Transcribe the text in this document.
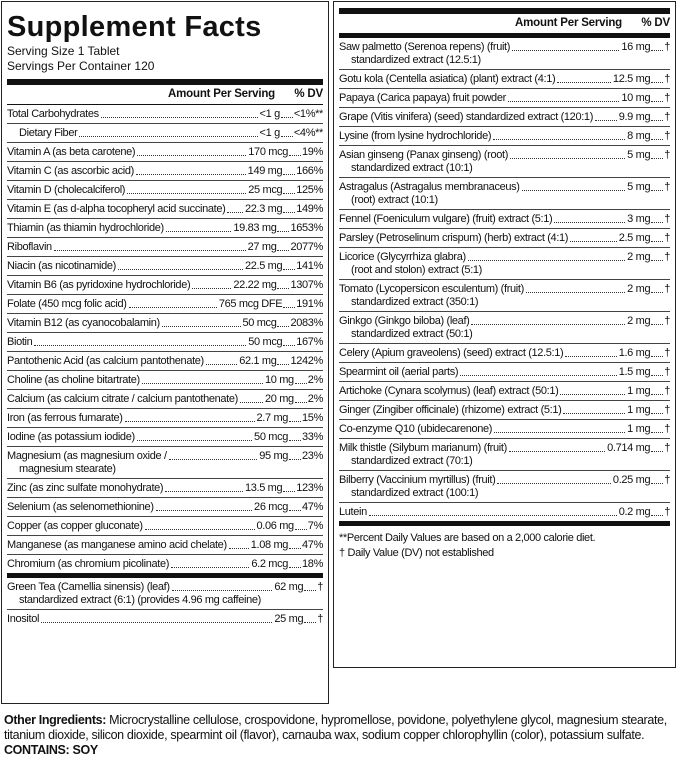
Supplement Facts
Serving Size 1 Tablet
Servings Per Container 120
Amount Per Serving % DV
Total Carbohydrates	<1 g <1%**
Dietary Fiber	<1 g <4%**
Vitamin A (as beta carotene)	170 mcg 19%
Vitamin C (as ascorbic acid)	149 mg 166%
Vitamin D (cholecalciferol)	25 mcg 125%
Vitamin E (as d-alpha tocopheryl acid succinate) 22.3 mg 149%
Thiamin (as thiamin hydrochloride)	19.83 mg 1653%
Riboflavin	27 mg 2077%
Niacin (as nicotinamide)	22.5 mg 141%
Vitamin B6 (as pyridoxine hydrochloride)	22.22 mg 1307%
Folate (450 mcg folic acid)	765 mcg DFE 191%
Vitamin B12 (as cyanocobalamin)	50 mcg 2083%
Biotin	50 mcg 167%
Pantothenic Acid (as calcium pantothenate)	62.1 mg 1242%
Choline (as choline bitartrate)	10 mg 2%
Calcium (as calcium citrate / calcium pantothenate) 20 mg 2%
Iron (as ferrous fumarate)	2.7 mg 15%
Iodine (as potassium iodide)	50 mcg 33%
Magnesium (as magnesium oxide /	95 mg 23%
magnesium stearate)
Zinc (as zinc sulfate monohydrate)	13.5 mg 123%
Selenium (as selenomethionine)	26 mcg 47%
Copper (as copper gluconate)	0.06 mg 7%
Manganese (as manganese amino acid chelate) 1.08 mg 47%
Chromium (as chromium picolinate)	6.2 mcg 18%
Green Tea (Camellia sinensis) (leaf)	62 mg †
standardized extract (6:1) (provides 4.96 mg caffeine)
Inositol	25 mg †
Amount Per Serving % DV
Saw palmetto (Serenoa repens) (fruit)	16 mg †
standardized extract (12.5:1)
Gotu kola (Centella asiatica) (plant) extract (4:1)	12.5 mg †
Papaya (Carica papaya) fruit powder	10 mg †
Grape (Vitis vinifera) (seed) standardized extract (120:1) 9.9 mg †
Lysine (from lysine hydrochloride)	8 mg †
Asian ginseng (Panax ginseng) (root)	5 mg †
standardized extract (10:1)
Astragalus (Astragalus membranaceus)	5 mg †
(root) extract (10:1)
Fennel (Foeniculum vulgare) (fruit) extract (5:1)	3 mg †
Parsley (Petroselinum crispum) (herb) extract (4:1)	2.5 mg †
Licorice (Glycyrrhiza glabra)	2 mg †
(root and stolon) extract (5:1)
Tomato (Lycopersicon esculentum) (fruit)	2 mg †
standardized extract (350:1)
Ginkgo (Ginkgo biloba) (leaf)	2 mg †
standardized extract (50:1)
Celery (Apium graveolens) (seed) extract (12.5:1)	1.6 mg †
Spearmint oil (aerial parts)	1.5 mg †
Artichoke (Cynara scolymus) (leaf) extract (50:1)	1 mg †
Ginger (Zingiber officinale) (rhizome) extract (5:1)	1 mg †
Co-enzyme Q10 (ubidecarenone)	1 mg †
Milk thistle (Silybum marianum) (fruit)	0.714 mg †
standardized extract (70:1)
Bilberry (Vaccinium myrtillus) (fruit)	0.25 mg †
standardized extract (100:1)
Lutein	0.2 mg †
**Percent Daily Values are based on a 2,000 calorie diet.
† Daily Value (DV) not established
Other Ingredients: Microcrystalline cellulose, crospovidone, hypromellose, povidone, polyethylene glycol, magnesium stearate, titanium dioxide, silicon dioxide, spearmint oil (flavor), carnauba wax, sodium copper chlorophyllin (color), potassium sulfate. CONTAINS: SOY
